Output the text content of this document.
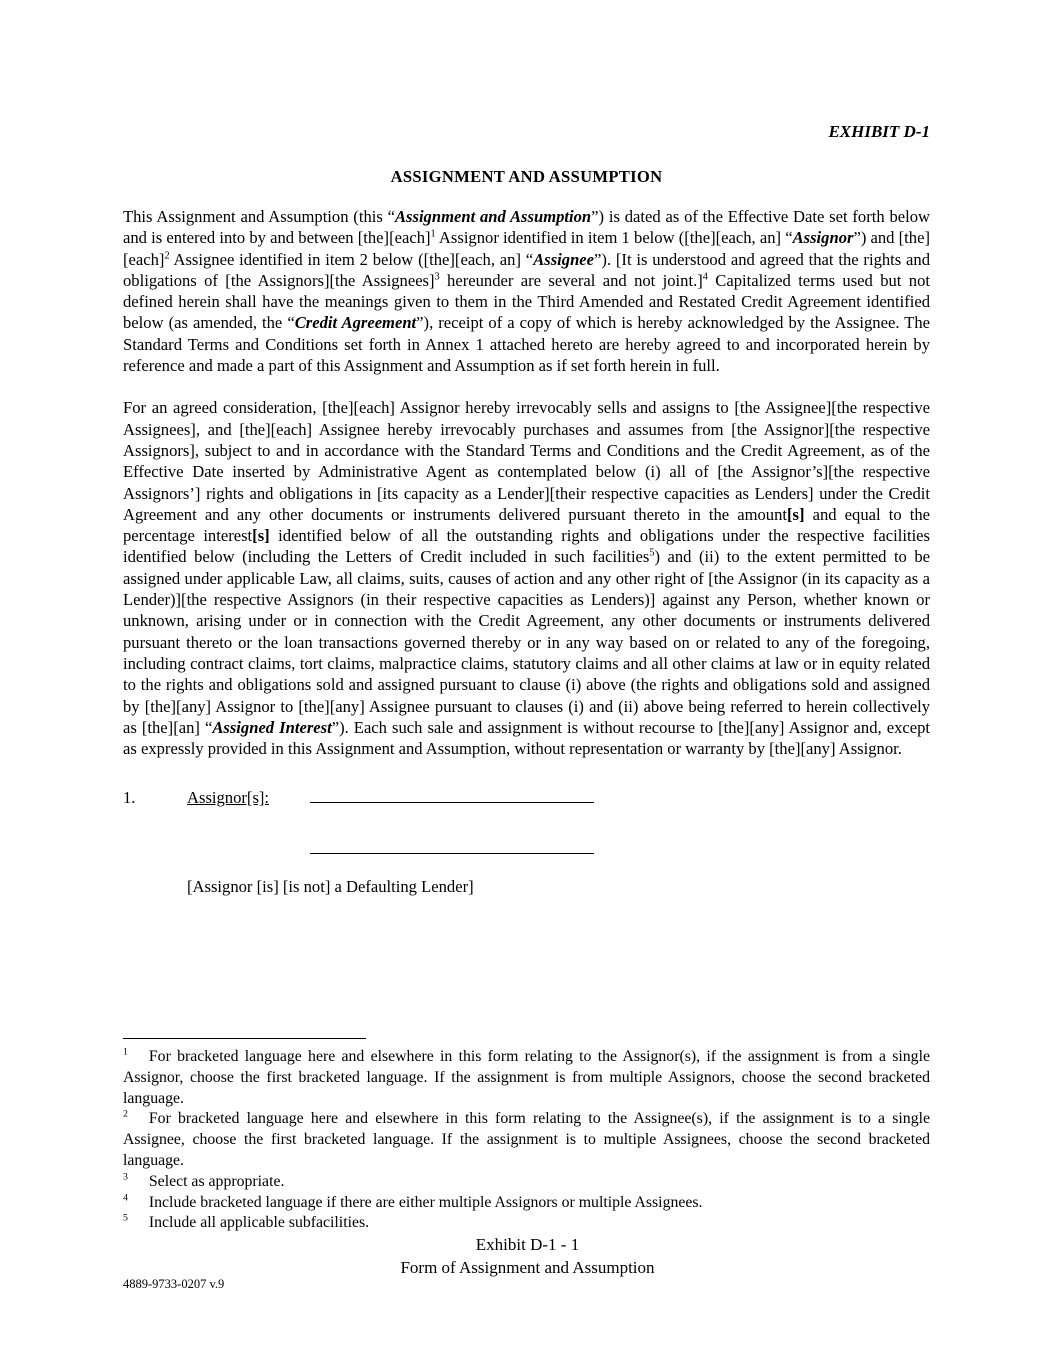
EXHIBIT D-1
ASSIGNMENT AND ASSUMPTION
This Assignment and Assumption (this “Assignment and Assumption”) is dated as of the Effective Date set forth below and is entered into by and between [the][each]$^1$ Assignor identified in item 1 below ([the][each, an] “Assignor”) and [the][each]$^2$ Assignee identified in item 2 below ([the][each, an] “Assignee”). [It is understood and agreed that the rights and obligations of [the Assignors][the Assignees]$^3$ hereunder are several and not joint.]$^4$ Capitalized terms used but not defined herein shall have the meanings given to them in the Third Amended and Restated Credit Agreement identified below (as amended, the “Credit Agreement”), receipt of a copy of which is hereby acknowledged by the Assignee. The Standard Terms and Conditions set forth in Annex 1 attached hereto are hereby agreed to and incorporated herein by reference and made a part of this Assignment and Assumption as if set forth herein in full.
For an agreed consideration, [the][each] Assignor hereby irrevocably sells and assigns to [the Assignee][the respective Assignees], and [the][each] Assignee hereby irrevocably purchases and assumes from [the Assignor][the respective Assignors], subject to and in accordance with the Standard Terms and Conditions and the Credit Agreement, as of the Effective Date inserted by Administrative Agent as contemplated below (i) all of [the Assignor’s][the respective Assignors’] rights and obligations in [its capacity as a Lender][their respective capacities as Lenders] under the Credit Agreement and any other documents or instruments delivered pursuant thereto in the amount[s] and equal to the percentage interest[s] identified below of all the outstanding rights and obligations under the respective facilities identified below (including the Letters of Credit included in such facilities$^5$) and (ii) to the extent permitted to be assigned under applicable Law, all claims, suits, causes of action and any other right of [the Assignor (in its capacity as a Lender)][the respective Assignors (in their respective capacities as Lenders)] against any Person, whether known or unknown, arising under or in connection with the Credit Agreement, any other documents or instruments delivered pursuant thereto or the loan transactions governed thereby or in any way based on or related to any of the foregoing, including contract claims, tort claims, malpractice claims, statutory claims and all other claims at law or in equity related to the rights and obligations sold and assigned pursuant to clause (i) above (the rights and obligations sold and assigned by [the][any] Assignor to [the][any] Assignee pursuant to clauses (i) and (ii) above being referred to herein collectively as [the][an] “Assigned Interest”). Each such sale and assignment is without recourse to [the][any] Assignor and, except as expressly provided in this Assignment and Assumption, without representation or warranty by [the][any] Assignor.
1.	Assignor[s]:
[Assignor [is] [is not] a Defaulting Lender]
$^1$ For bracketed language here and elsewhere in this form relating to the Assignor(s), if the assignment is from a single Assignor, choose the first bracketed language. If the assignment is from multiple Assignors, choose the second bracketed language.
$^2$ For bracketed language here and elsewhere in this form relating to the Assignee(s), if the assignment is to a single Assignee, choose the first bracketed language. If the assignment is to multiple Assignees, choose the second bracketed language.
$^3$ Select as appropriate.
$^4$ Include bracketed language if there are either multiple Assignors or multiple Assignees.
$^5$ Include all applicable subfacilities.
Exhibit D-1 - 1
Form of Assignment and Assumption
4889-9733-0207 v.9
